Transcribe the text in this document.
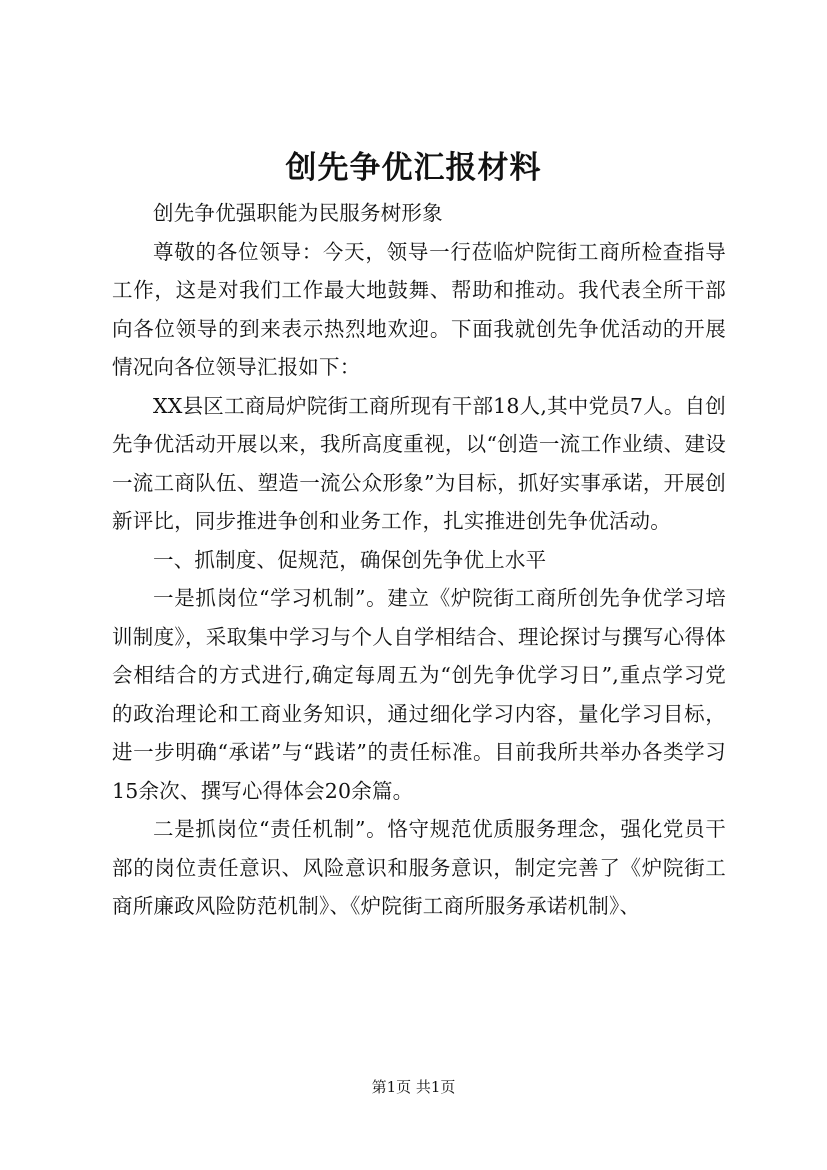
创先争优汇报材料

创先争优强职能为民服务树形象

尊敬的各位领导：今天，领导一行莅临炉院街工商所检查指导工作，这是对我们工作最大地鼓舞、帮助和推动。我代表全所干部向各位领导的到来表示热烈地欢迎。下面我就创先争优活动的开展情况向各位领导汇报如下：

XX县区工商局炉院街工商所现有干部18人,其中党员7人。自创先争优活动开展以来，我所高度重视，以“创造一流工作业绩、建设一流工商队伍、塑造一流公众形象”为目标，抓好实事承诺，开展创新评比，同步推进争创和业务工作，扎实推进创先争优活动。

一、抓制度、促规范，确保创先争优上水平

一是抓岗位“学习机制”。建立《炉院街工商所创先争优学习培训制度》，采取集中学习与个人自学相结合、理论探讨与撰写心得体会相结合的方式进行,确定每周五为“创先争优学习日”,重点学习党的政治理论和工商业务知识，通过细化学习内容，量化学习目标，进一步明确“承诺”与“践诺”的责任标准。目前我所共举办各类学习15余次、撰写心得体会20余篇。

二是抓岗位“责任机制”。恪守规范优质服务理念，强化党员干部的岗位责任意识、风险意识和服务意识，制定完善了《炉院街工商所廉政风险防范机制》、《炉院街工商所服务承诺机制》、

第1页 共1页
